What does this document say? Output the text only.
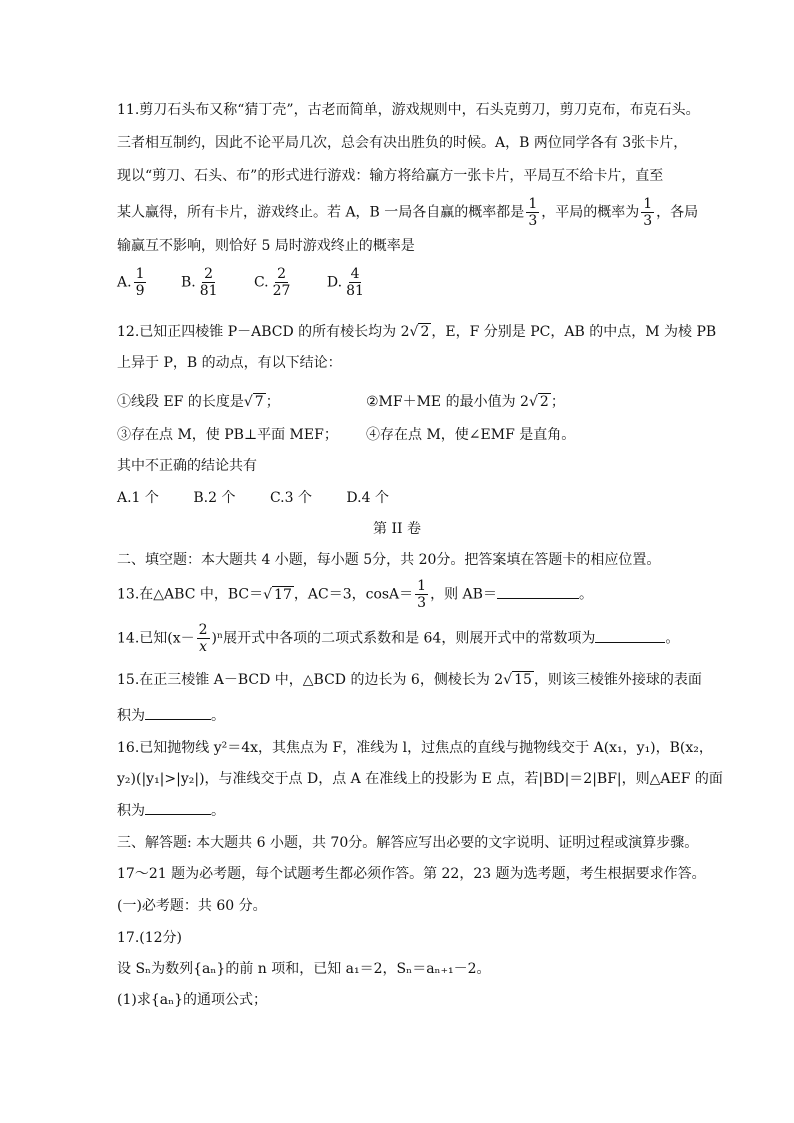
11.剪刀石头布又称“猜丁壳”，古老而简单，游戏规则中，石头克剪刀，剪刀克布，布克石头。
三者相互制约，因此不论平局几次，总会有决出胜负的时候。A，B 两位同学各有 3张卡片，
现以“剪刀、石头、布”的形式进行游戏：输方将给赢方一张卡片，平局互不给卡片，直至
某人赢得，所有卡片，游戏终止。若 A，B 一局各自赢的概率都是 $\frac{1}{3}$ ，平局的概率为 $\frac{1}{3}$ ，各局
输赢互不影响，则恰好 5 局时游戏终止的概率是
A. $\frac{1}{9} B$. $\frac{2}{81} C$. $\frac{2}{27} D$. $\frac{4}{81}$
12.已知正四棱锥 P－ABCD 的所有棱长均为 2√ 2 ，E，F 分别是 PC，AB 的中点，M 为棱 PB
上异于 P，B 的动点，有以下结论：
①线段 EF 的长度是√ 7 ；	②MF＋ME 的最小值为 2√ 2 ；
③存在点 M，使 PB⊥平面 MEF； ④存在点 M，使∠EMF 是直角。
其中不正确的结论共有
A.1 个 B.2 个 C.3 个 D.4 个
第 II 卷
二、填空题：本大题共 4 小题，每小题 5分，共 20分。把答案填在答题卡的相应位置。
13.在△ABC 中，BC＝√ 17 ，AC＝3，$\cos A= \frac{1}{3}$ ，则 AB＝	。
14.已知$(x- \frac{2}{x} )^n$展开式中各项的二项式系数和是 64，则展开式中的常数项为	。
15.在正三棱锥 A－BCD 中，△BCD 的边长为 6，侧棱长为 2√ 15 ，则该三棱锥外接球的表面
积为	。
16.已知抛物线 y²＝4x，其焦点为 F，准线为 l，过焦点的直线与抛物线交于 A(x₁，y₁)，B(x₂，
y₂)(|y₁|>|y₂|)，与准线交于点 D，点 A 在准线上的投影为 E 点，若|BD|＝2|BF|，则△AEF 的面
积为	。
三、解答题: 本大题共 6 小题，共 70分。解答应写出必要的文字说明、证明过程或演算步骤。
17～21 题为必考题，每个试题考生都必须作答。第 22，23 题为选考题，考生根据要求作答。
(一)必考题：共 60 分。
17.(12分)
设 Sₙ为数列{aₙ}的前 n 项和，已知 a₁＝2，Sₙ＝aₙ₊₁－2。
(1)求{aₙ}的通项公式；
